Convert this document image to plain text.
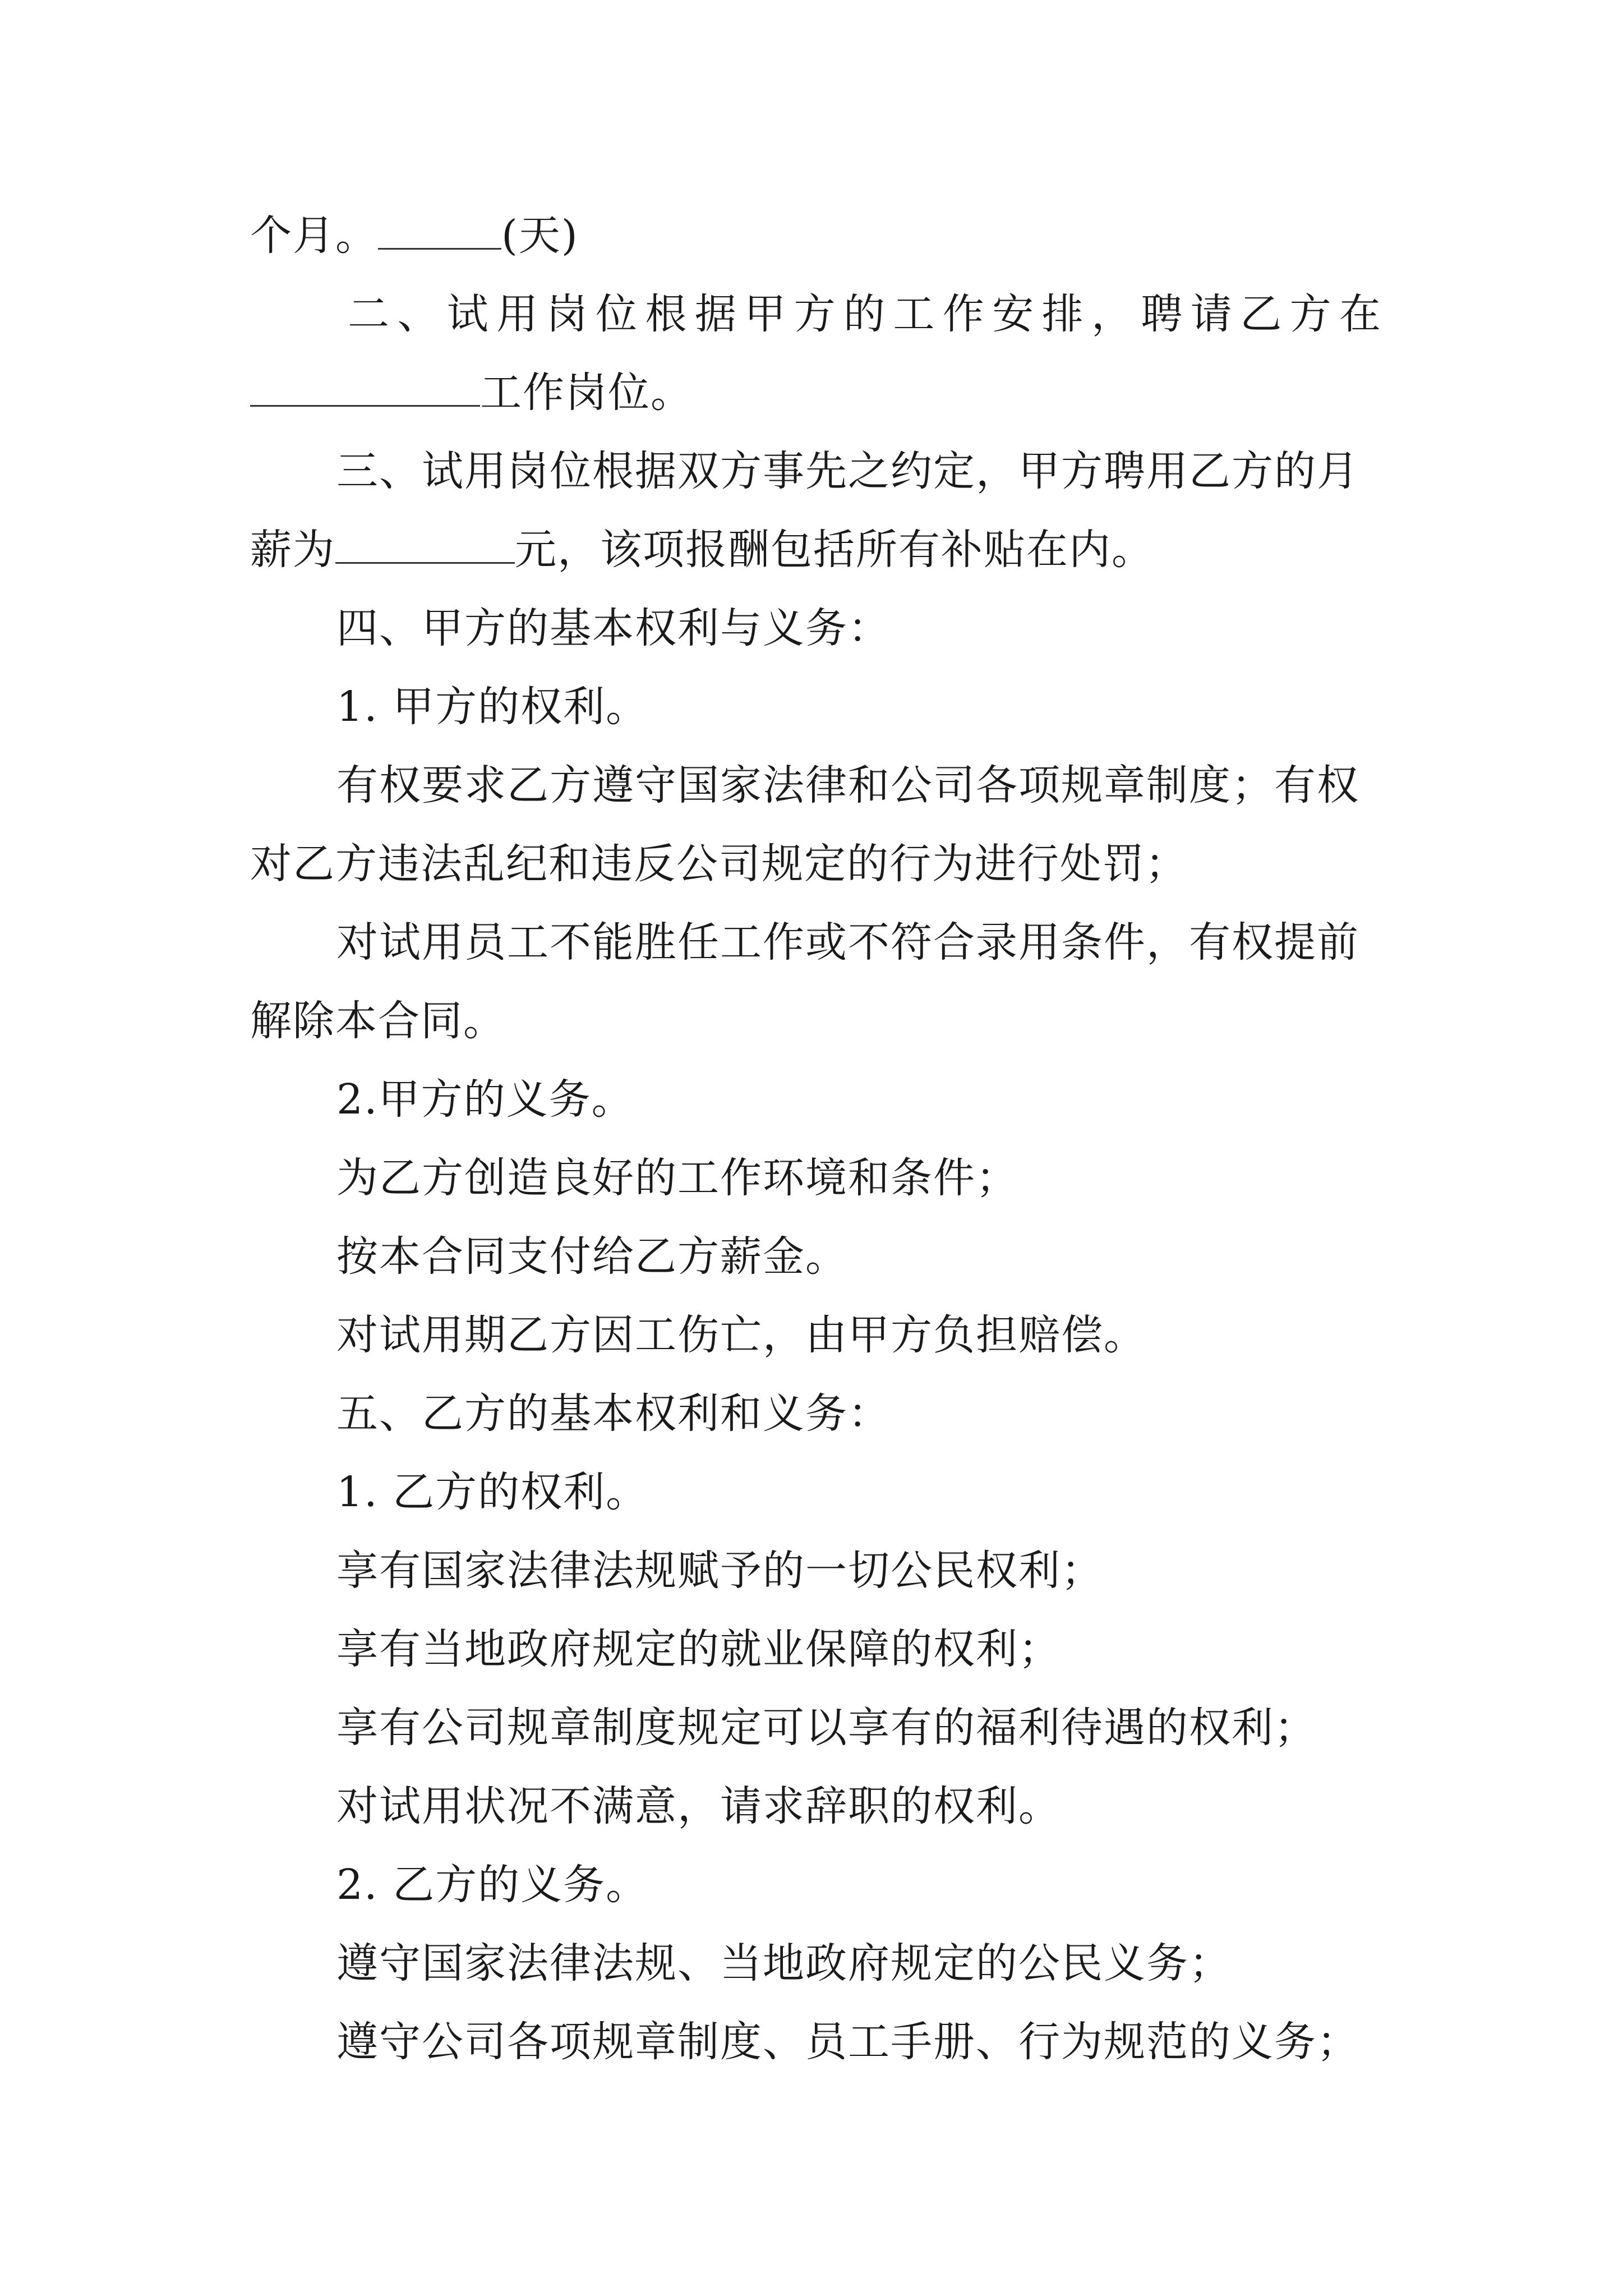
个月。	(天)
二、试用岗位根据甲方的工作安排，聘请乙方在
工作岗位。
三、试用岗位根据双方事先之约定，甲方聘用乙方的月
薪为	元，该项报酬包括所有补贴在内。
四、甲方的基本权利与义务：
1. 甲方的权利。
有权要求乙方遵守国家法律和公司各项规章制度；有权
对乙方违法乱纪和违反公司规定的行为进行处罚；
对试用员工不能胜任工作或不符合录用条件，有权提前
解除本合同。
2.甲方的义务。
为乙方创造良好的工作环境和条件；
按本合同支付给乙方薪金。
对试用期乙方因工伤亡，由甲方负担赔偿。
五、乙方的基本权利和义务：
1. 乙方的权利。
享有国家法律法规赋予的一切公民权利；
享有当地政府规定的就业保障的权利；
享有公司规章制度规定可以享有的福利待遇的权利；
对试用状况不满意，请求辞职的权利。
2. 乙方的义务。
遵守国家法律法规、当地政府规定的公民义务；
遵守公司各项规章制度、员工手册、行为规范的义务；
